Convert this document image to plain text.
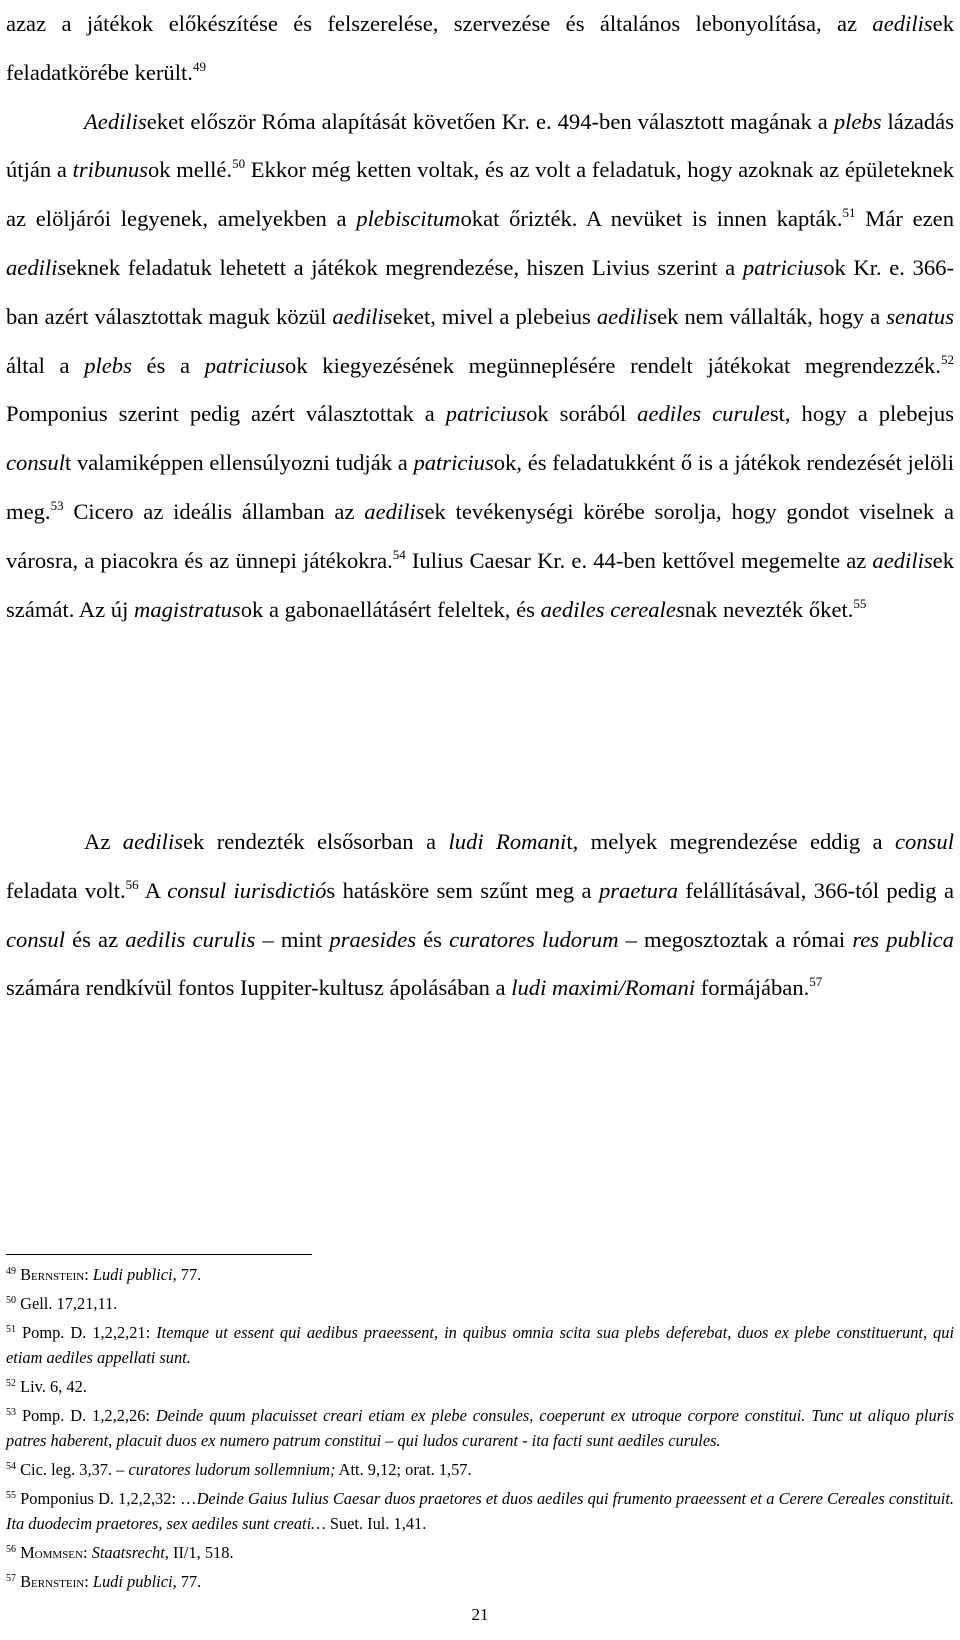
azaz a játékok előkészítése és felszerelése, szervezése és általános lebonyolítása, az aedilisek feladatkörébe került.$^{49}$
Aediliseket először Róma alapítását követően Kr. e. 494-ben választott magának a plebs lázadás útján a tribunusok mellé.$^{50}$ Ekkor még ketten voltak, és az volt a feladatuk, hogy azoknak az épületeknek az elöljárói legyenek, amelyekben a plebiscitumokat őrizték. A nevüket is innen kapták.$^{51}$ Már ezen aediliseknek feladatuk lehetett a játékok megrendezése, hiszen Livius szerint a patriciusok Kr. e. 366-ban azért választottak maguk közül aediliseket, mivel a plebeius aedilisek nem vállalták, hogy a senatus által a plebs és a patriciusok kiegyezésének megünneplésére rendelt játékokat megrendezzék.$^{52}$ Pomponius szerint pedig azért választottak a patriciusok sorából aediles curulest, hogy a plebejus consult valamiképpen ellensúlyozni tudják a patriciusok, és feladatukként ő is a játékok rendezését jelöli meg.$^{53}$ Cicero az ideális államban az aedilisek tevékenységi körébe sorolja, hogy gondot viselnek a városra, a piacokra és az ünnepi játékokra.$^{54}$ Iulius Caesar Kr. e. 44-ben kettővel megemelte az aedilisek számát. Az új magistratusok a gabonaellátásért feleltek, és aediles cerealesnak nevezték őket.$^{55}$

Az aedilisek rendezték elsősorban a ludi Romanit, melyek megrendezése eddig a consul feladata volt.$^{56}$ A consul iurisdictiós hatásköre sem szűnt meg a praetura felállításával, 366-tól pedig a consul és az aedilis curulis – mint praesides és curatores ludorum – megosztoztak a római res publica számára rendkívül fontos Iuppiter-kultusz ápolásában a ludi maximi/Romani formájában.$^{57}$

$^{49}$ Bernstein: Ludi publici, 77.

$^{50}$ Gell. 17,21,11.

$^{51}$ Pomp. D. 1,2,2,21: Itemque ut essent qui aedibus praeessent, in quibus omnia scita sua plebs deferebat, duos ex plebe constituerunt, qui etiam aediles appellati sunt.

$^{52}$ Liv. 6, 42.

$^{53}$ Pomp. D. 1,2,2,26: Deinde quum placuisset creari etiam ex plebe consules, coeperunt ex utroque corpore constitui. Tunc ut aliquo pluris patres haberent, placuit duos ex numero patrum constitui – qui ludos curarent - ita facti sunt aediles curules.

$^{54}$ Cic. leg. 3,37. – curatores ludorum sollemnium; Att. 9,12; orat. 1,57.

$^{55}$ Pomponius D. 1,2,2,32: …Deinde Gaius Iulius Caesar duos praetores et duos aediles qui frumento praeessent et a Cerere Cereales constituit. Ita duodecim praetores, sex aediles sunt creati… Suet. Iul. 1,41.

$^{56}$ Mommsen: Staatsrecht, II/1, 518.

$^{57}$ Bernstein: Ludi publici, 77.

21
